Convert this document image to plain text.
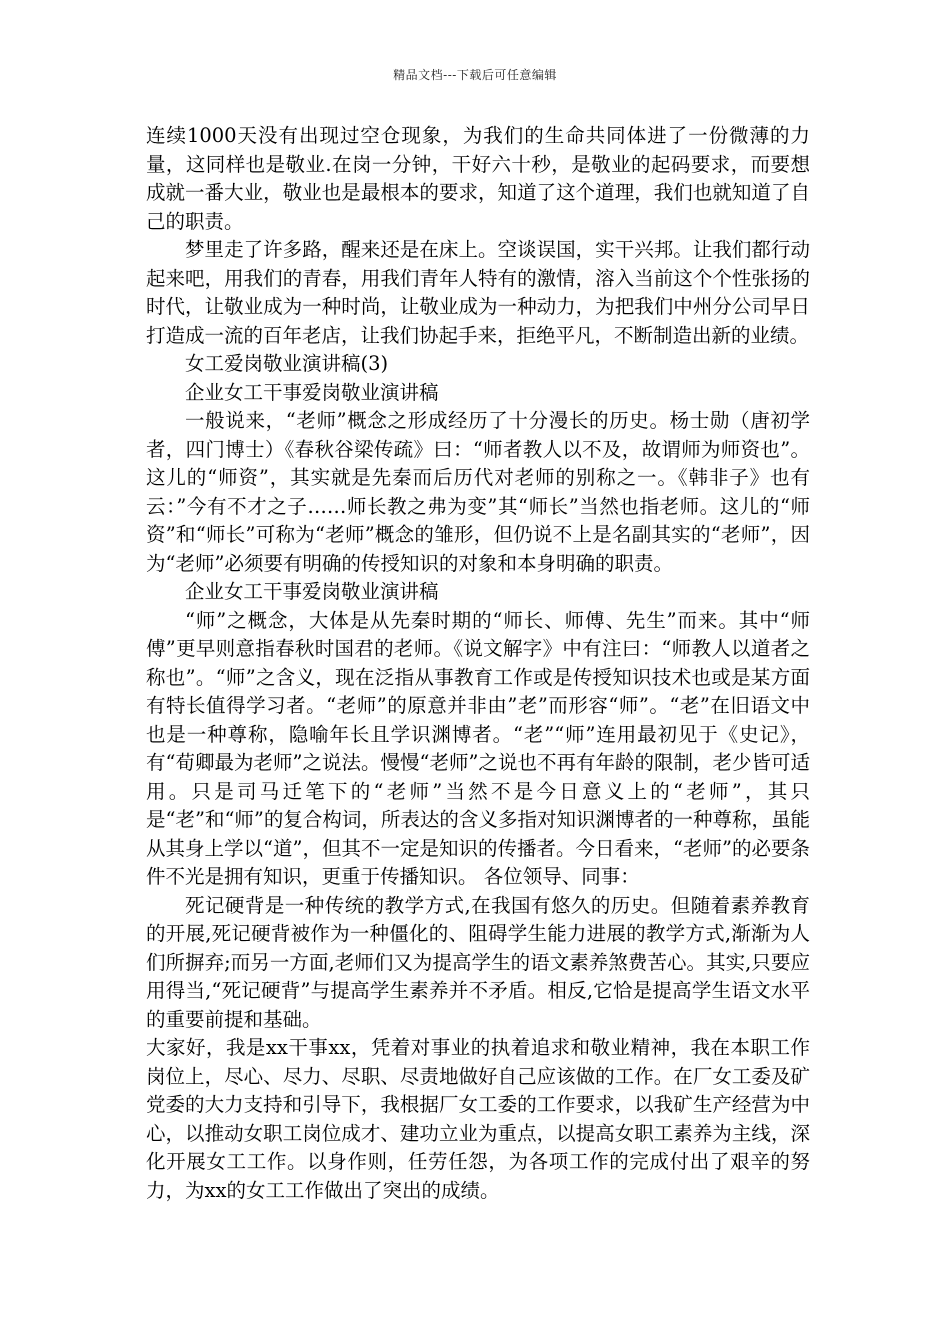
精品文档---下载后可任意编辑

连续1000天没有出现过空仓现象，为我们的生命共同体进了一份微薄的力量，这同样也是敬业.在岗一分钟，干好六十秒，是敬业的起码要求，而要想成就一番大业，敬业也是最根本的要求，知道了这个道理，我们也就知道了自己的职责。

梦里走了许多路，醒来还是在床上。空谈误国，实干兴邦。让我们都行动起来吧，用我们的青春，用我们青年人特有的激情，溶入当前这个个性张扬的时代，让敬业成为一种时尚，让敬业成为一种动力，为把我们中州分公司早日打造成一流的百年老店，让我们协起手来，拒绝平凡，不断制造出新的业绩。

女工爱岗敬业演讲稿(3)

企业女工干事爱岗敬业演讲稿

一般说来，“老师”概念之形成经历了十分漫长的历史。杨士勋（唐初学者，四门博士）《春秋谷梁传疏》曰：“师者教人以不及，故谓师为师资也”。这儿的“师资”，其实就是先秦而后历代对老师的别称之一。《韩非子》也有云：”今有不才之子……师长教之弗为变”其“师长”当然也指老师。这儿的“师资”和“师长”可称为“老师”概念的雏形，但仍说不上是名副其实的“老师”，因为“老师”必须要有明确的传授知识的对象和本身明确的职责。

企业女工干事爱岗敬业演讲稿

“师”之概念，大体是从先秦时期的“师长、师傅、先生”而来。其中“师傅”更早则意指春秋时国君的老师。《说文解字》中有注曰：“师教人以道者之称也”。“师”之含义，现在泛指从事教育工作或是传授知识技术也或是某方面有特长值得学习者。“老师”的原意并非由”老”而形容“师”。“老”在旧语文中也是一种尊称，隐喻年长且学识渊博者。“老”“师”连用最初见于《史记》，有“荀卿最为老师”之说法。慢慢“老师”之说也不再有年龄的限制，老少皆可适用。只是司马迁笔下的“老师”当然不是今日意义上的“老师”，其只是“老”和“师”的复合构词，所表达的含义多指对知识渊博者的一种尊称，虽能从其身上学以“道”，但其不一定是知识的传播者。今日看来，“老师”的必要条件不光是拥有知识，更重于传播知识。 各位领导、同事：

死记硬背是一种传统的教学方式,在我国有悠久的历史。但随着素养教育的开展,死记硬背被作为一种僵化的、阻碍学生能力进展的教学方式,渐渐为人们所摒弃;而另一方面,老师们又为提高学生的语文素养煞费苦心。其实,只要应用得当,“死记硬背”与提高学生素养并不矛盾。相反,它恰是提高学生语文水平的重要前提和基础。

大家好，我是xx干事xx，凭着对事业的执着追求和敬业精神，我在本职工作岗位上，尽心、尽力、尽职、尽责地做好自己应该做的工作。在厂女工委及矿党委的大力支持和引导下，我根据厂女工委的工作要求，以我矿生产经营为中心，以推动女职工岗位成才、建功立业为重点，以提高女职工素养为主线，深化开展女工工作。以身作则，任劳任怨，为各项工作的完成付出了艰辛的努力，为xx的女工工作做出了突出的成绩。
